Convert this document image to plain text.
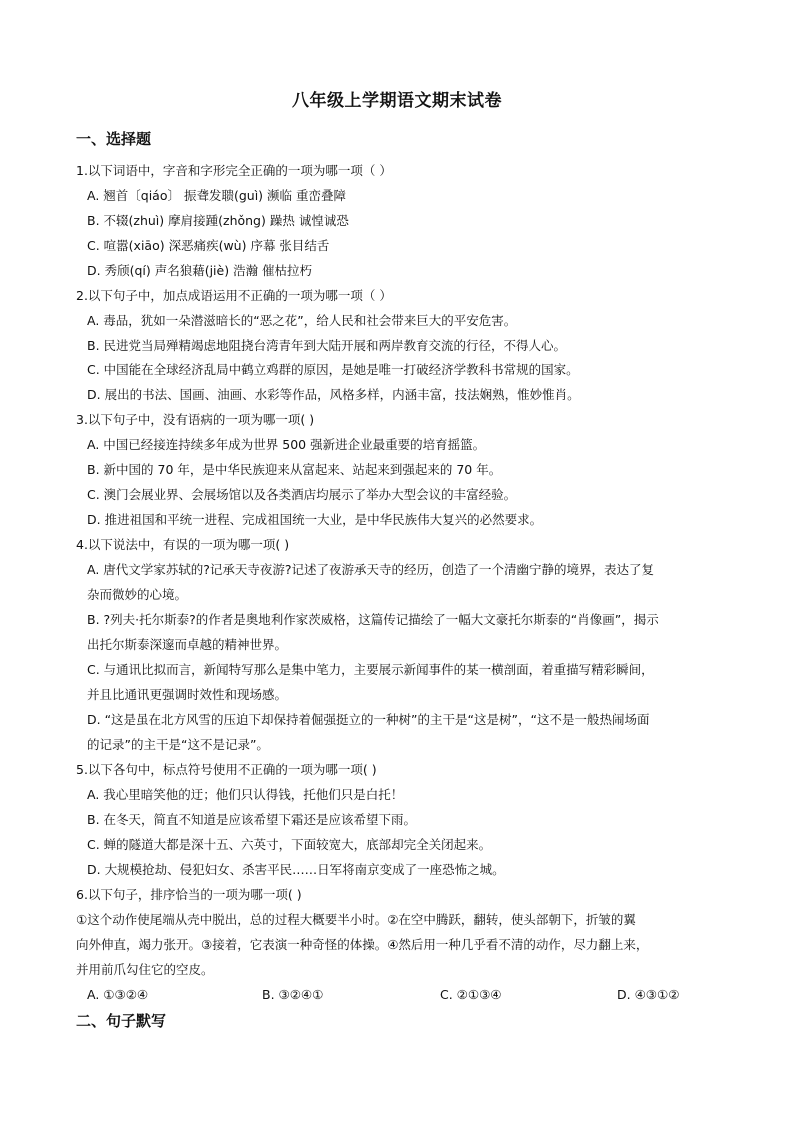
八年级上学期语文期末试卷
一、选择题
1.以下词语中，字音和字形完全正确的一项为哪一项（ ）
A. 翘首〔qiáo〕 振聋发聩(guì) 濒临 重峦叠障
B. 不辍(zhuì) 摩肩接踵(zhǒng) 躁热 诚惶诚恐
C. 喧嚣(xiāo) 深恶痛疾(wù) 序幕 张目结舌
D. 秀颀(qí) 声名狼藉(jiè) 浩瀚 催枯拉朽
2.以下句子中，加点成语运用不正确的一项为哪一项（ ）
A. 毒品，犹如一朵潜滋暗长的“恶之花”，给人民和社会带来巨大的平安危害。
B. 民进党当局殚精竭虑地阻挠台湾青年到大陆开展和两岸教育交流的行径，不得人心。
C. 中国能在全球经济乱局中鹤立鸡群的原因，是她是唯一打破经济学教科书常规的国家。
D. 展出的书法、国画、油画、水彩等作品，风格多样，内涵丰富，技法娴熟，惟妙惟肖。
3.以下句子中，没有语病的一项为哪一项( )
A. 中国已经接连持续多年成为世界 500 强新进企业最重要的培育摇篮。
B. 新中国的 70 年，是中华民族迎来从富起来、站起来到强起来的 70 年。
C. 澳门会展业界、会展场馆以及各类酒店均展示了举办大型会议的丰富经验。
D. 推进祖国和平统一进程、完成祖国统一大业，是中华民族伟大复兴的必然要求。
4.以下说法中，有误的一项为哪一项( )
A. 唐代文学家苏轼的?记承天寺夜游?记述了夜游承天寺的经历，创造了一个清幽宁静的境界，表达了复
杂而微妙的心境。
B. ?列夫·托尔斯泰?的作者是奥地利作家茨威格，这篇传记描绘了一幅大文豪托尔斯泰的“肖像画”，揭示
出托尔斯泰深邃而卓越的精神世界。
C. 与通讯比拟而言，新闻特写那么是集中笔力，主要展示新闻事件的某一横剖面，着重描写精彩瞬间，
并且比通讯更强调时效性和现场感。
D. “这是虽在北方风雪的压迫下却保持着倔强挺立的一种树”的主干是“这是树”，“这不是一般热闹场面
的记录”的主干是“这不是记录”。
5.以下各句中，标点符号使用不正确的一项为哪一项( )
A. 我心里暗笑他的迂；他们只认得钱，托他们只是白托！
B. 在冬天，简直不知道是应该希望下霜还是应该希望下雨。
C. 蝉的隧道大都是深十五、六英寸，下面较宽大，底部却完全关闭起来。
D. 大规模抢劫、侵犯妇女、杀害平民……日军将南京变成了一座恐怖之城。
6.以下句子，排序恰当的一项为哪一项( )
①这个动作使尾端从壳中脱出，总的过程大概要半小时。②在空中腾跃，翻转，使头部朝下，折皱的翼
向外伸直，竭力张开。③接着，它表演一种奇怪的体操。④然后用一种几乎看不清的动作，尽力翻上来，
并用前爪勾住它的空皮。
A. ①③②④	B. ③②④①	C. ②①③④	D. ④③①②
二、句子默写
